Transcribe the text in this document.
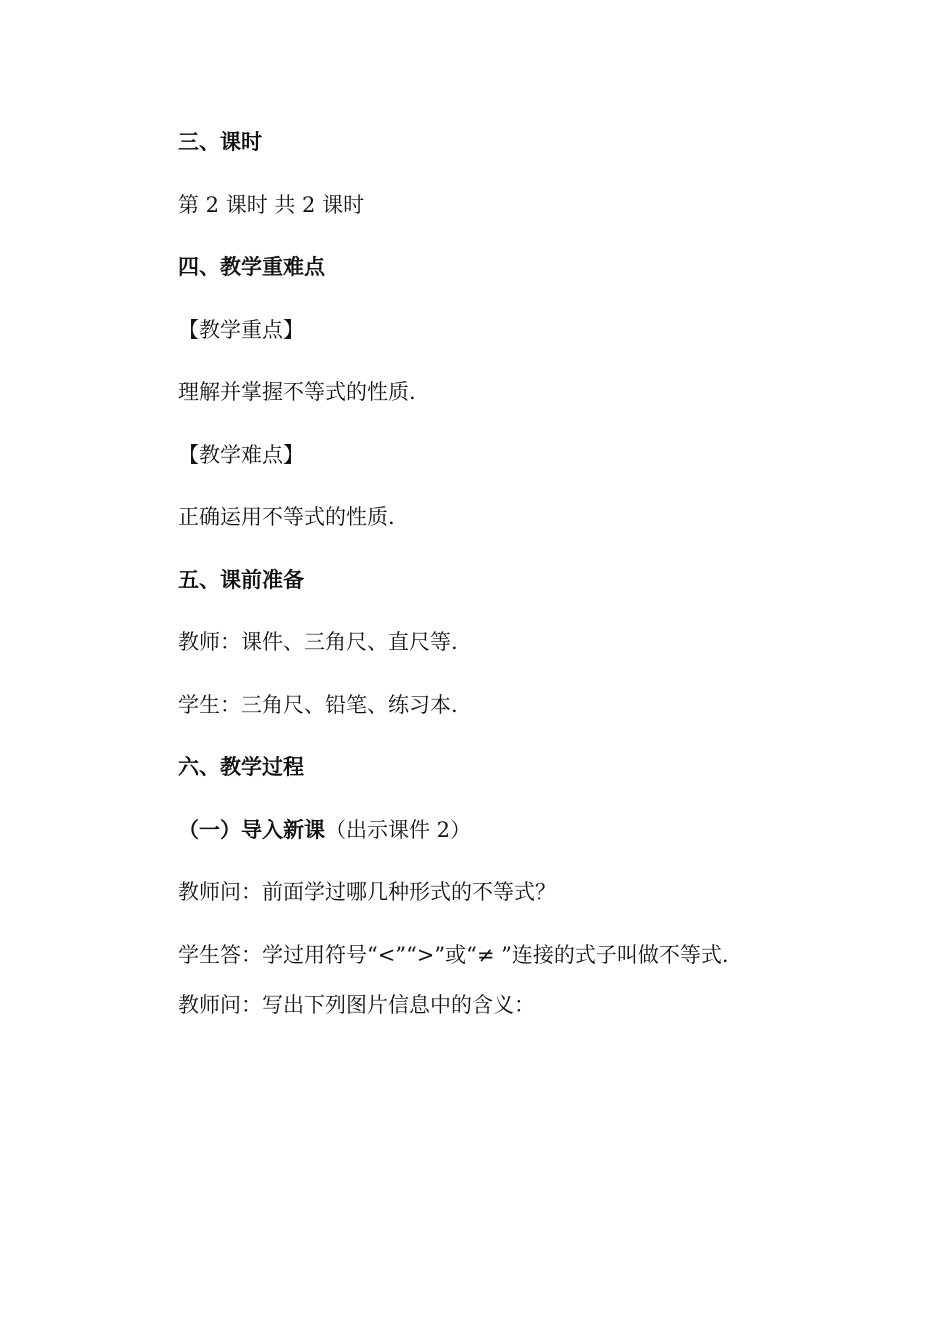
三、课时
第 2 课时 共 2 课时
四、教学重难点
【教学重点】
理解并掌握不等式的性质.
【教学难点】
正确运用不等式的性质.
五、课前准备
教师：课件、三角尺、直尺等.
学生：三角尺、铅笔、练习本.
六、教学过程
（一）导入新课（出示课件 2）
教师问：前面学过哪几种形式的不等式？
学生答：学过用符号“<”“>”或“≠ ”连接的式子叫做不等式.
教师问：写出下列图片信息中的含义：
